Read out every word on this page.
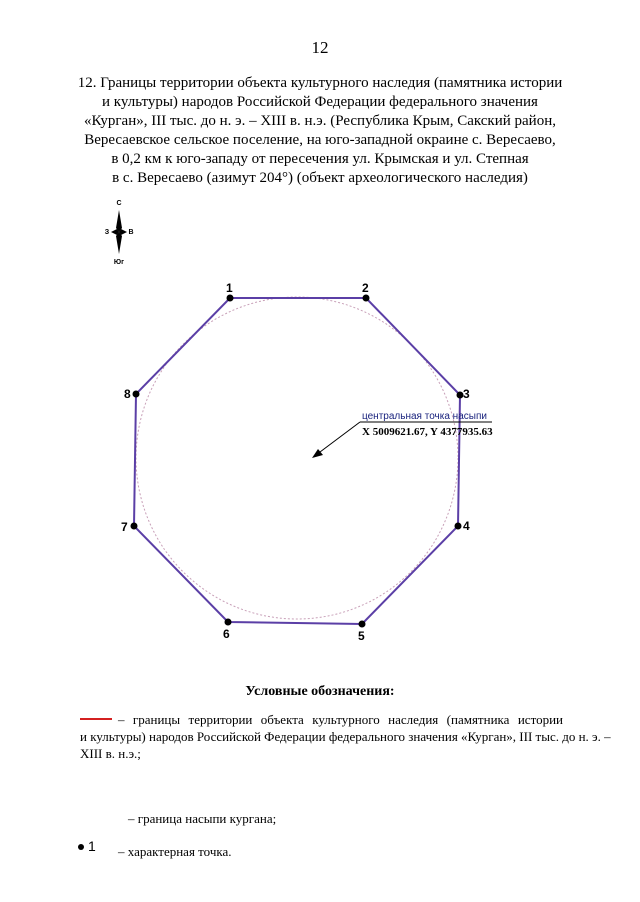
12
12. Границы территории объекта культурного наследия (памятника истории
и культуры) народов Российской Федерации федерального значения
«Курган», III тыс. до н. э. – XIII в. н.э. (Республика Крым, Сакский район,
Вересаевское сельское поселение, на юго-западной окраине с. Вересаево,
в 0,2 км к юго-западу от пересечения ул. Крымская и ул. Степная
в с. Вересаево (азимут 204°) (объект археологического наследия)
С
З	В
Юг
1	2
3
4
5
6
7
8
центральная точка насыпи
X 5009621.67, Y 4377935.63
Условные обозначения:
– границы территории объекта культурного наследия (памятника истории
и культуры) народов Российской Федерации федерального значения «Курган», III тыс. до н. э. –
XIII в. н.э.;
– граница насыпи кургана;
1 – характерная точка.
